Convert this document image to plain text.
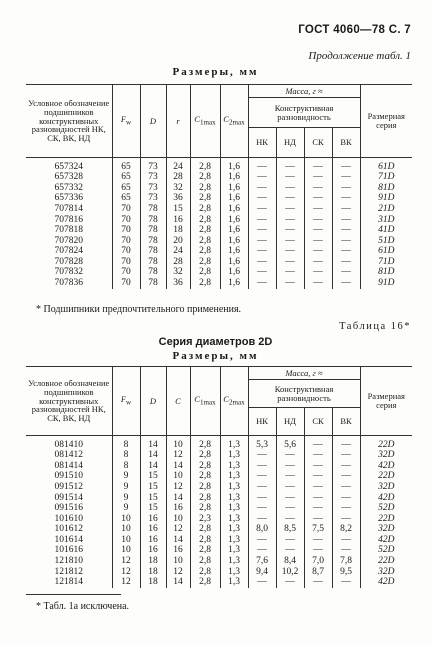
ГОСТ 4060—78 С. 7
Продолжение табл. 1
Размеры, мм
Условное обозначение подшипников конструктивных разновидностей НК, СК, ВК, НД	$F_w$	D	r	$C_{1max}$	$C_{2max}$	Масса, г ≈				Размерная серия
						Конструктивная разновидность				
						НК	НД	СК	ВК	
657324	65	73	24	2,8	1,6	—	—	—	—	61D
657328	65	73	28	2,8	1,6	—	—	—	—	71D
657332	65	73	32	2,8	1,6	—	—	—	—	81D
657336	65	73	36	2,8	1,6	—	—	—	—	91D
707814	70	78	15	2,8	1,6	—	—	—	—	21D
707816	70	78	16	2,8	1,6	—	—	—	—	31D
707818	70	78	18	2,8	1,6	—	—	—	—	41D
707820	70	78	20	2,8	1,6	—	—	—	—	51D
707824	70	78	24	2,8	1,6	—	—	—	—	61D
707828	70	78	28	2,8	1,6	—	—	—	—	71D
707832	70	78	32	2,8	1,6	—	—	—	—	81D
707836	70	78	36	2,8	1,6	—	—	—	—	91D
* Подшипники предпочтительного применения.
Таблица 16*
Серия диаметров 2D
Размеры, мм
Условное обозначение подшипников конструктивных разновидностей НК, СК, ВК, НД	$F_w$	D	C	$C_{1max}$	$C_{2max}$	Масса, г ≈				Размерная серия
						Конструктивная разновидность				
						НК	НД	СК	ВК	
081410	8	14	10	2,8	1,3	5,3	5,6	—	—	22D
081412	8	14	12	2,8	1,3	—	—	—	—	32D
081414	8	14	14	2,8	1,3	—	—	—	—	42D
091510	9	15	10	2,8	1,3	—	—	—	—	22D
091512	9	15	12	2,8	1,3	—	—	—	—	32D
091514	9	15	14	2,8	1,3	—	—	—	—	42D
091516	9	15	16	2,8	1,3	—	—	—	—	52D
101610	10	16	10	2,3	1,3	—	—	—	—	22D
101612	10	16	12	2,8	1,3	8,0	8,5	7,5	8,2	32D
101614	10	16	14	2,8	1,3	—	—	—	—	42D
101616	10	16	16	2,8	1,3	—	—	—	—	52D
121810	12	18	10	2,8	1,3	7,6	8,4	7,0	7,8	22D
121812	12	18	12	2,8	1,3	9,4	10,2	8,7	9,5	32D
121814	12	18	14	2,8	1,3	—	—	—	—	42D
* Табл. 1а исключена.
